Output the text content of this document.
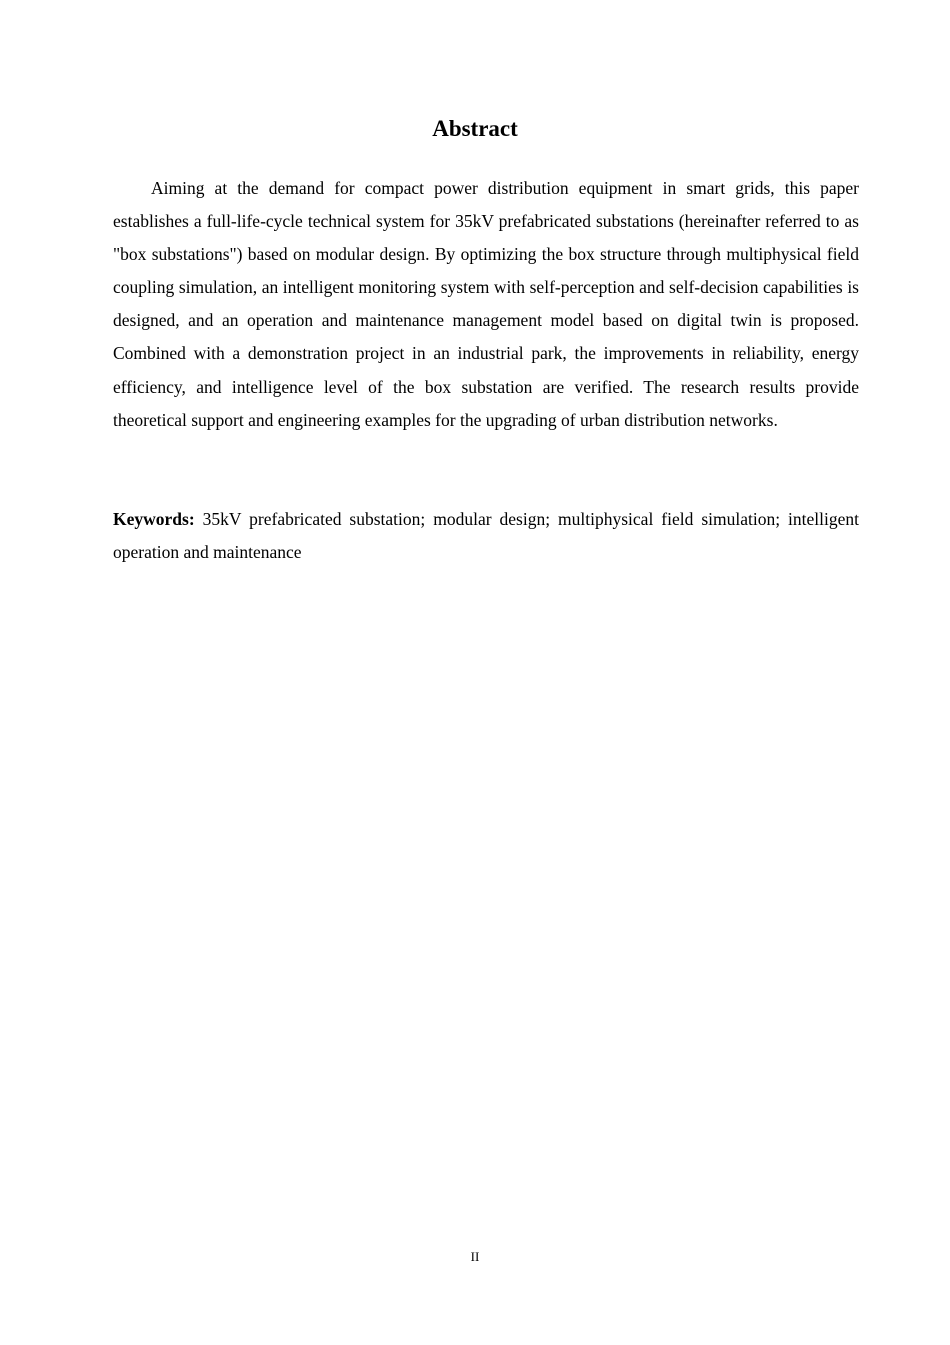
Abstract

Aiming at the demand for compact power distribution equipment in smart grids, this paper establishes a full-life-cycle technical system for 35kV prefabricated substations (hereinafter referred to as "box substations") based on modular design. By optimizing the box structure through multiphysical field coupling simulation, an intelligent monitoring system with self-perception and self-decision capabilities is designed, and an operation and maintenance management model based on digital twin is proposed. Combined with a demonstration project in an industrial park, the improvements in reliability, energy efficiency, and intelligence level of the box substation are verified. The research results provide theoretical support and engineering examples for the upgrading of urban distribution networks.

Keywords: 35kV prefabricated substation; modular design; multiphysical field simulation; intelligent operation and maintenance

II
